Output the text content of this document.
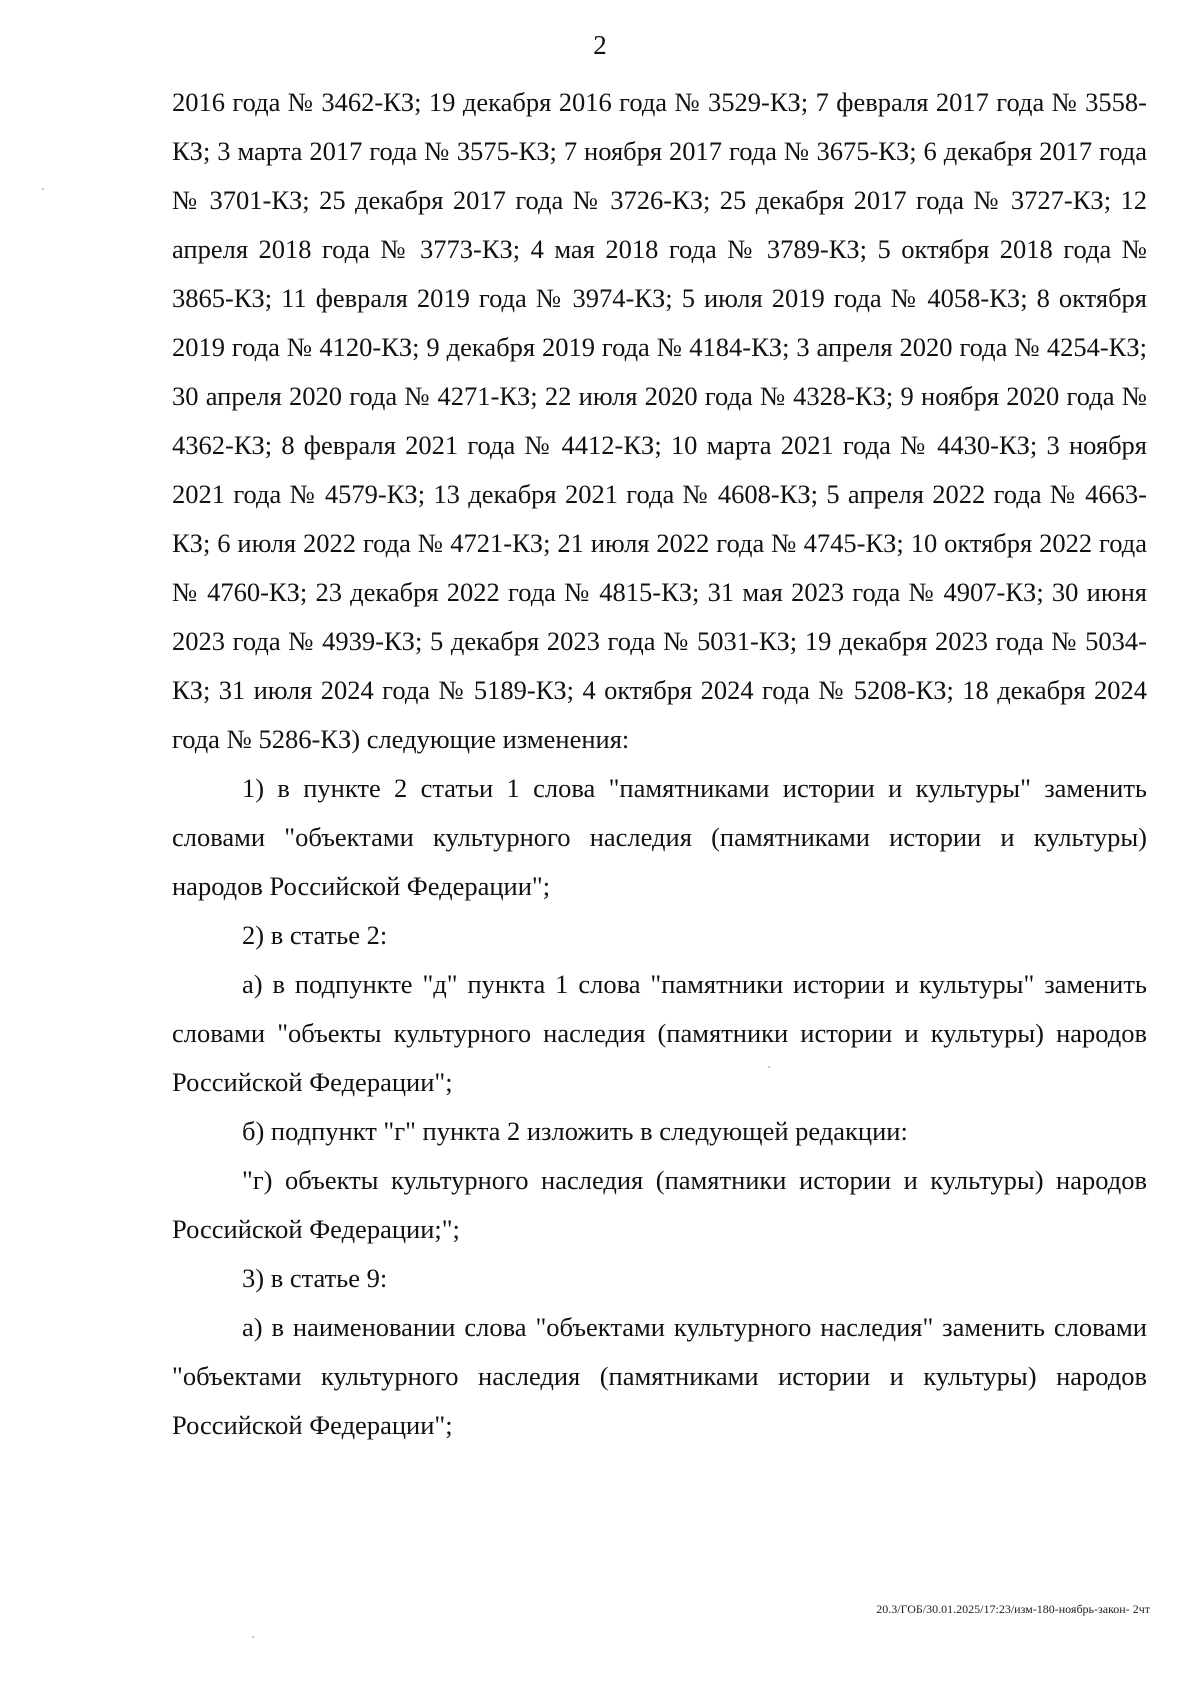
2

2016 года № 3462-КЗ; 19 декабря 2016 года № 3529-КЗ; 7 февраля 2017 года № 3558-КЗ; 3 марта 2017 года № 3575-КЗ; 7 ноября 2017 года № 3675-КЗ; 6 декабря 2017 года № 3701-КЗ; 25 декабря 2017 года № 3726-КЗ; 25 декабря 2017 года № 3727-КЗ; 12 апреля 2018 года № 3773-КЗ; 4 мая 2018 года № 3789-КЗ; 5 октября 2018 года № 3865-КЗ; 11 февраля 2019 года № 3974-КЗ; 5 июля 2019 года № 4058-КЗ; 8 октября 2019 года № 4120-КЗ; 9 декабря 2019 года № 4184-КЗ; 3 апреля 2020 года № 4254-КЗ; 30 апреля 2020 года № 4271-КЗ; 22 июля 2020 года № 4328-КЗ; 9 ноября 2020 года № 4362-КЗ; 8 февраля 2021 года № 4412-КЗ; 10 марта 2021 года № 4430-КЗ; 3 ноября 2021 года № 4579-КЗ; 13 декабря 2021 года № 4608-КЗ; 5 апреля 2022 года № 4663-КЗ; 6 июля 2022 года № 4721-КЗ; 21 июля 2022 года № 4745-КЗ; 10 октября 2022 года № 4760-КЗ; 23 декабря 2022 года № 4815-КЗ; 31 мая 2023 года № 4907-КЗ; 30 июня 2023 года № 4939-КЗ; 5 декабря 2023 года № 5031-КЗ; 19 декабря 2023 года № 5034-КЗ; 31 июля 2024 года № 5189-КЗ; 4 октября 2024 года № 5208-КЗ; 18 декабря 2024 года № 5286-КЗ) следующие изменения:

1) в пункте 2 статьи 1 слова "памятниками истории и культуры" заменить словами "объектами культурного наследия (памятниками истории и культуры) народов Российской Федерации";

2) в статье 2:

а) в подпункте "д" пункта 1 слова "памятники истории и культуры" заменить словами "объекты культурного наследия (памятники истории и культуры) народов Российской Федерации";

б) подпункт "г" пункта 2 изложить в следующей редакции:

"г) объекты культурного наследия (памятники истории и культуры) народов Российской Федерации;";

3) в статье 9:

а) в наименовании слова "объектами культурного наследия" заменить словами "объектами культурного наследия (памятниками истории и культуры) народов Российской Федерации";

20.3/ГОБ/30.01.2025/17:23/изм-180-ноябрь-закон- 2чт
